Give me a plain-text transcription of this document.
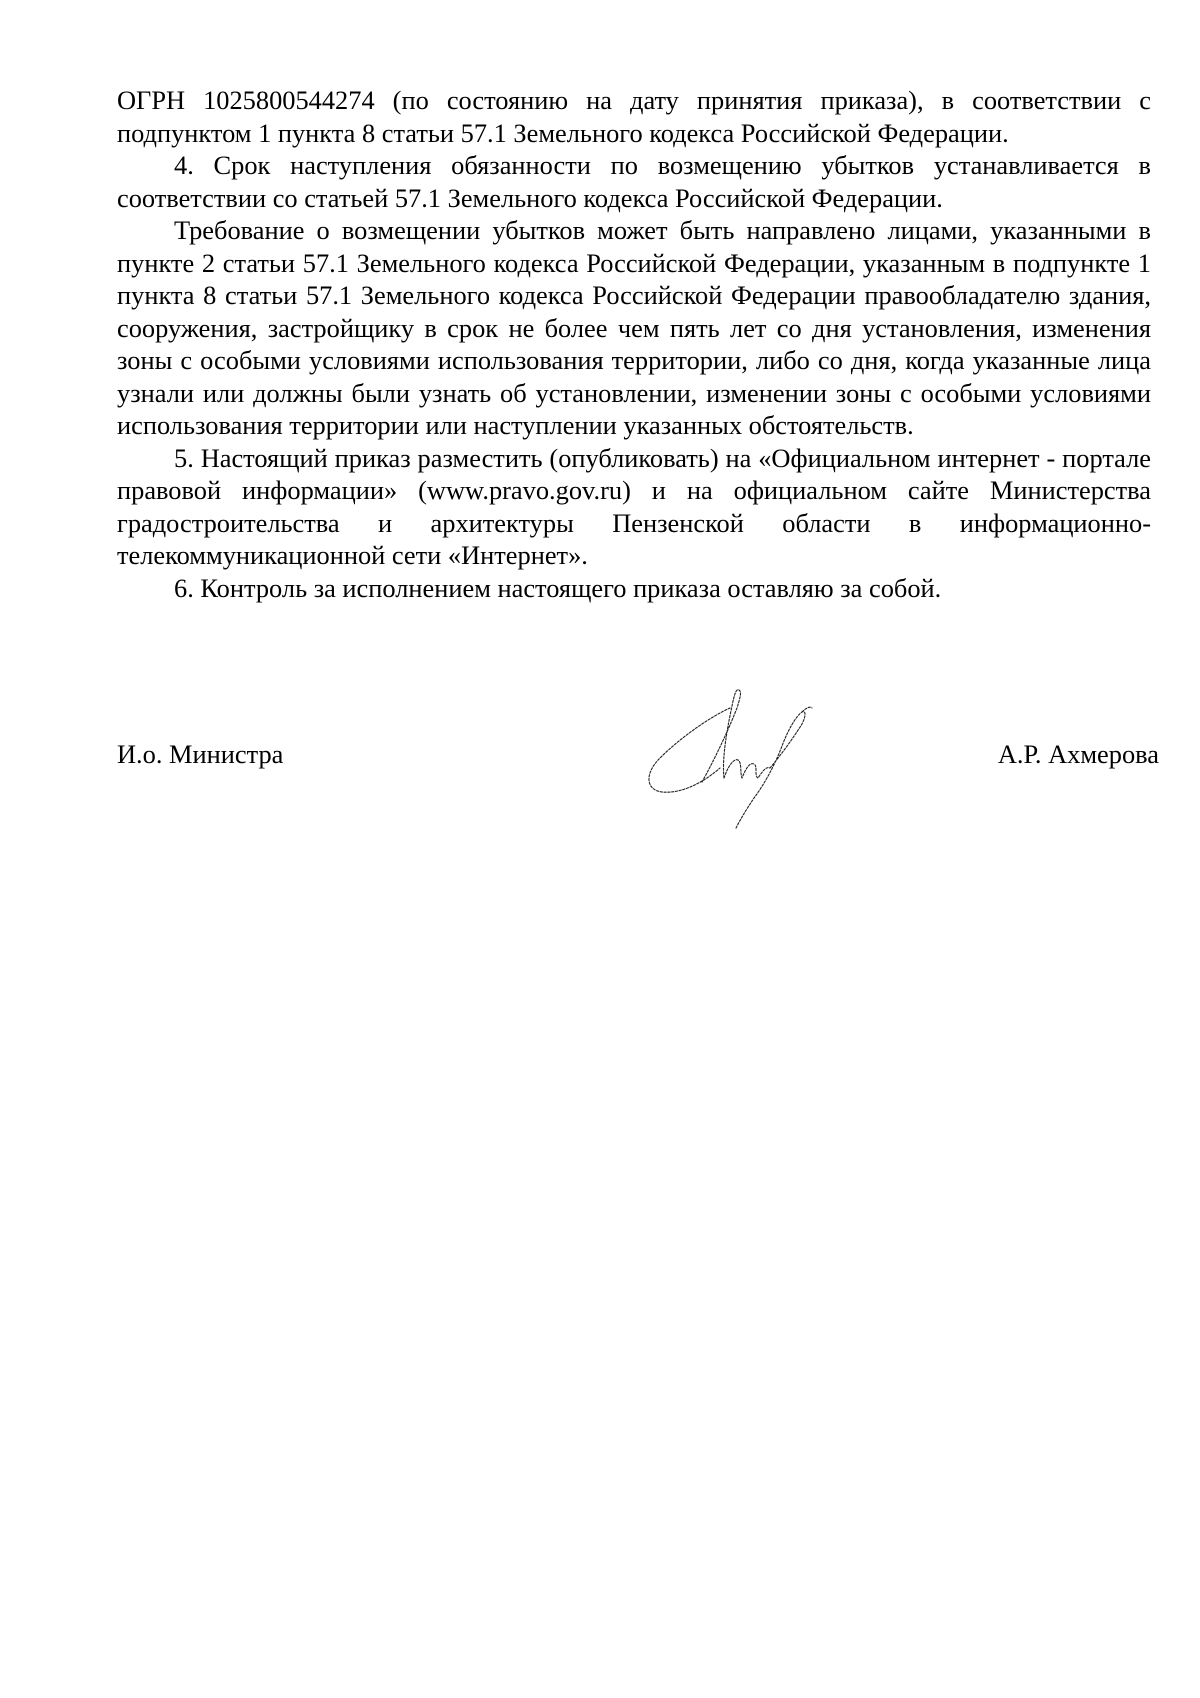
ОГРН 1025800544274 (по состоянию на дату принятия приказа), в соответствии с подпунктом 1 пункта 8 статьи 57.1 Земельного кодекса Российской Федерации.

4. Срок наступления обязанности по возмещению убытков устанавливается в соответствии со статьей 57.1 Земельного кодекса Российской Федерации.

Требование о возмещении убытков может быть направлено лицами, указанными в пункте 2 статьи 57.1 Земельного кодекса Российской Федерации, указанным в подпункте 1 пункта 8 статьи 57.1 Земельного кодекса Российской Федерации правообладателю здания, сооружения, застройщику в срок не более чем пять лет со дня установления, изменения зоны с особыми условиями использования территории, либо со дня, когда указанные лица узнали или должны были узнать об установлении, изменении зоны с особыми условиями использования территории или наступлении указанных обстоятельств.

5. Настоящий приказ разместить (опубликовать) на «Официальном интернет - портале правовой информации» (www.pravo.gov.ru) и на официальном сайте Министерства градостроительства и архитектуры Пензенской области в информационно-телекоммуникационной сети «Интернет».

6. Контроль за исполнением настоящего приказа оставляю за собой.

И.о. Министра	А.Р. Ахмерова
